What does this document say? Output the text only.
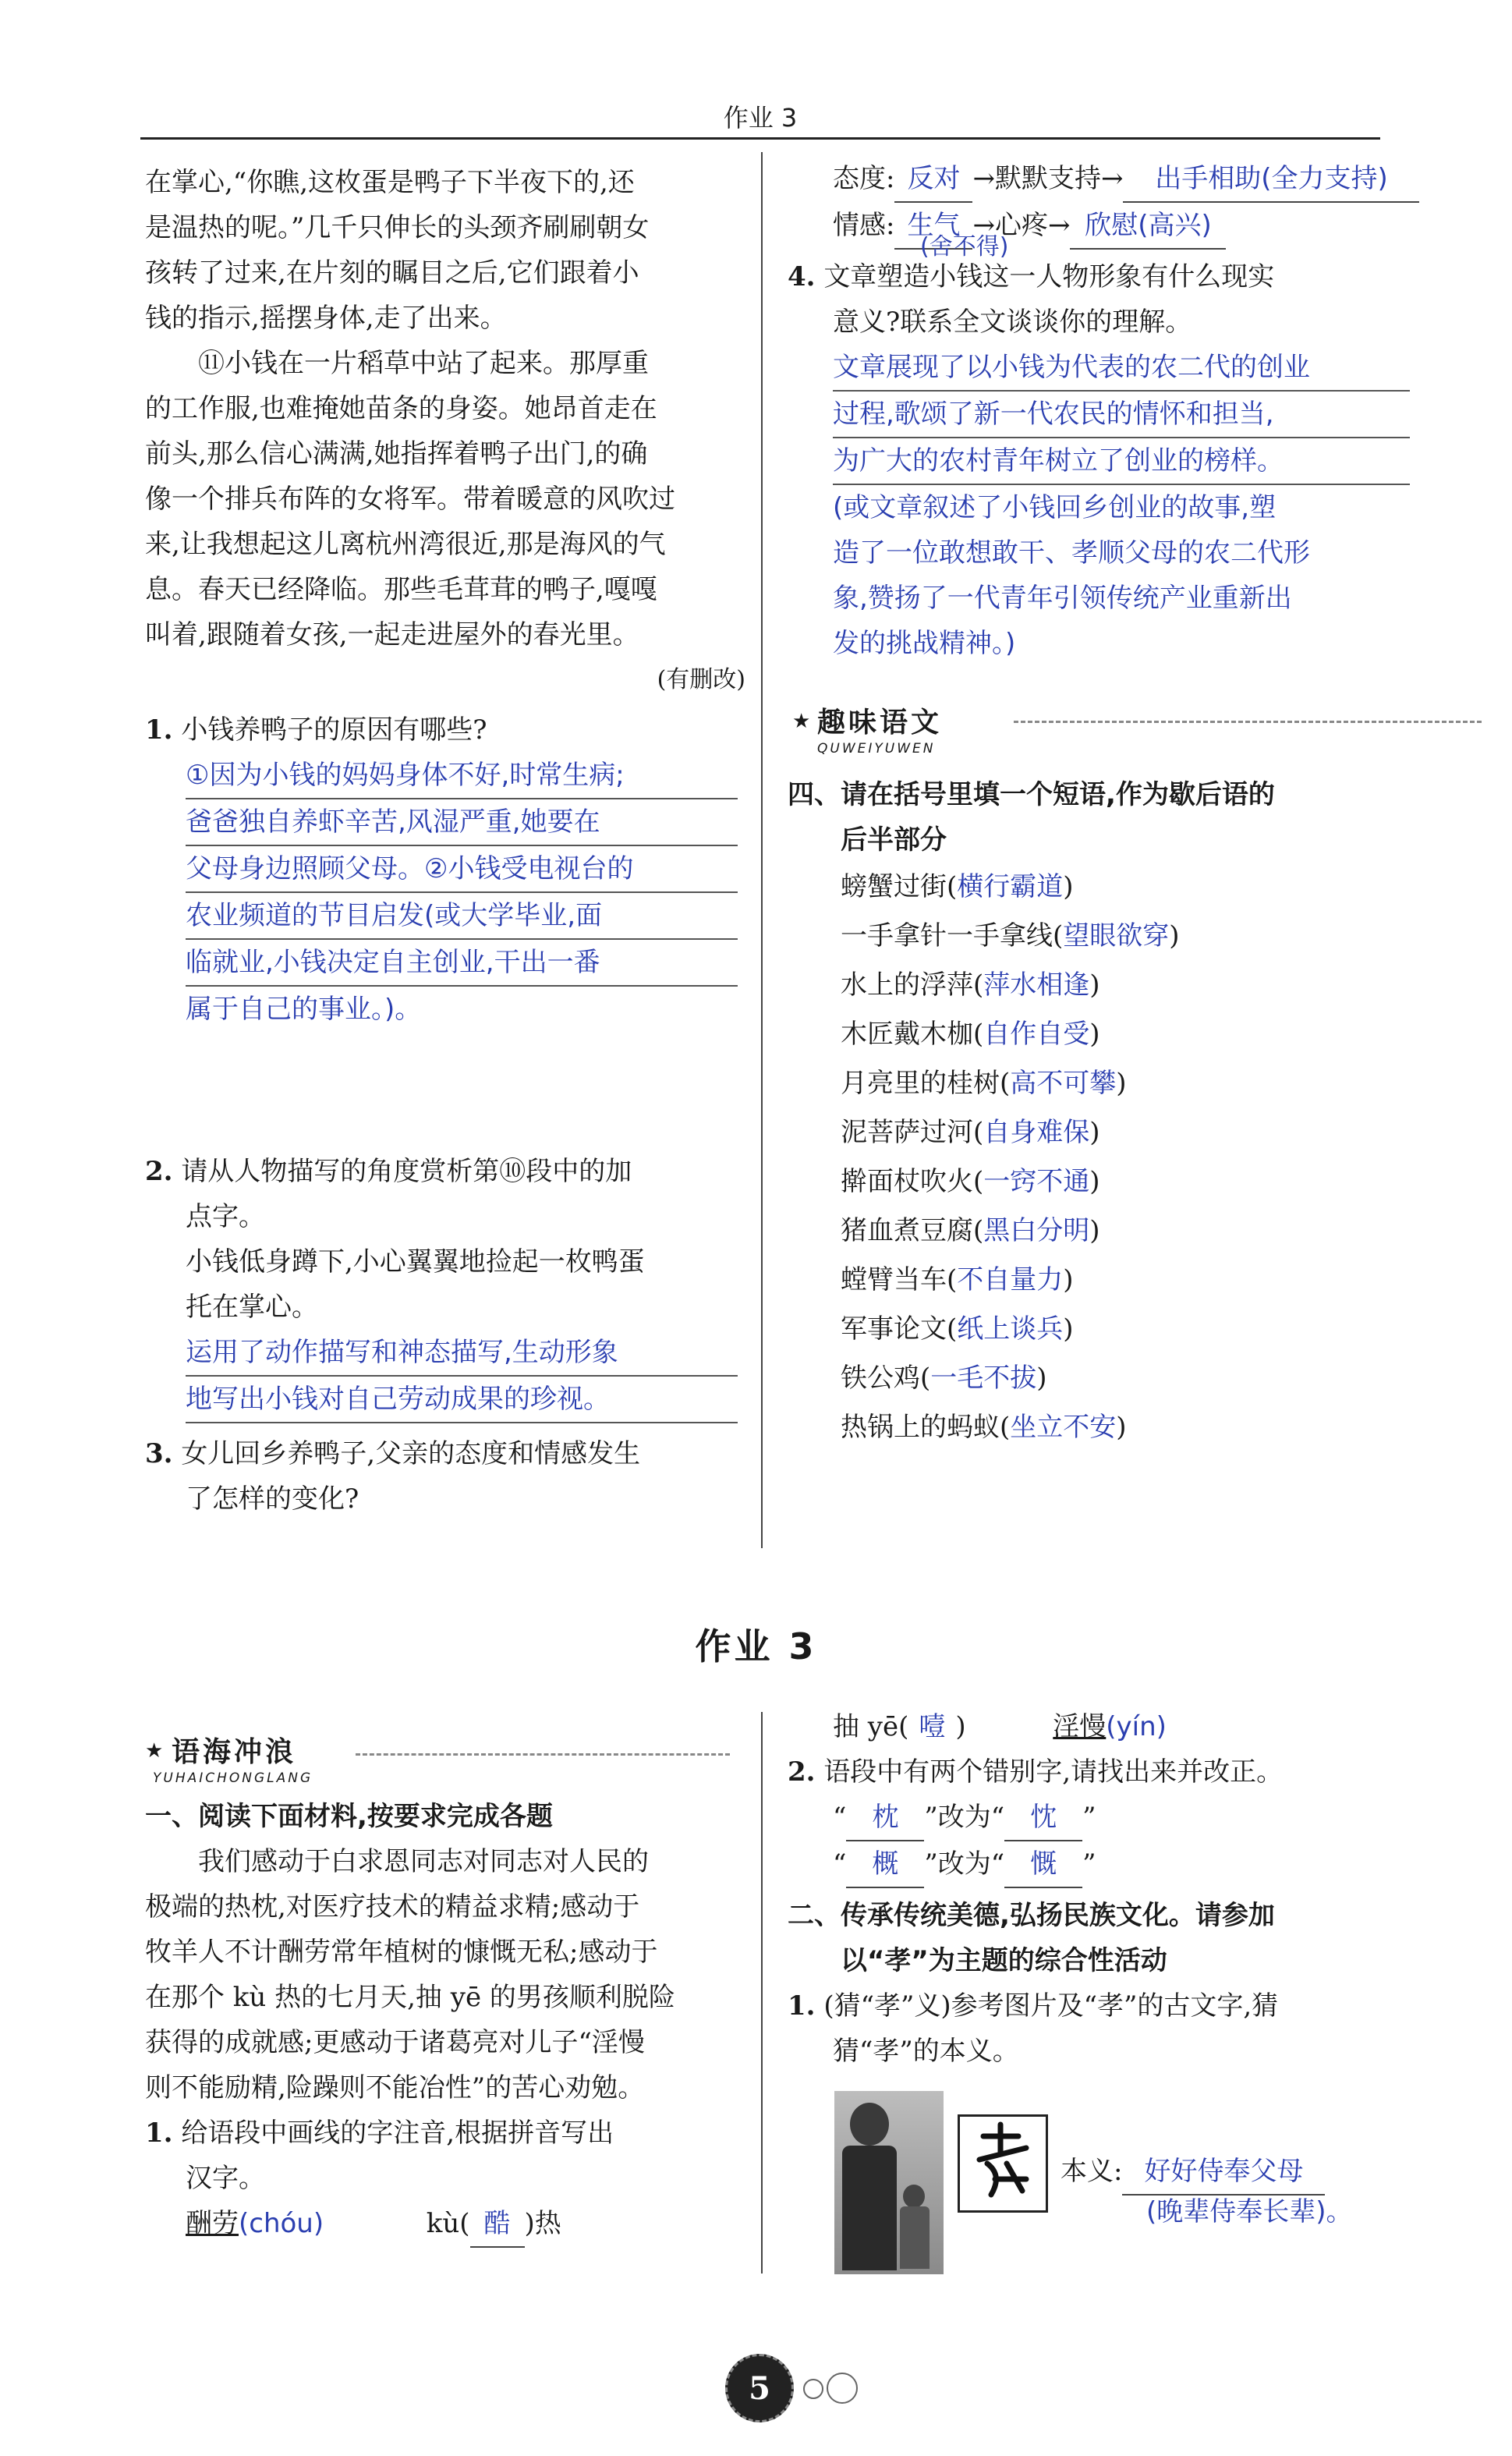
作业 3
在掌心,“你瞧,这枚蛋是鸭子下半夜下的,还
是温热的呢。”几千只伸长的头颈齐刷刷朝女
孩转了过来,在片刻的瞩目之后,它们跟着小
钱的指示,摇摆身体,走了出来。
⑪小钱在一片稻草中站了起来。那厚重
的工作服,也难掩她苗条的身姿。她昂首走在
前头,那么信心满满,她指挥着鸭子出门,的确
像一个排兵布阵的女将军。带着暖意的风吹过
来,让我想起这儿离杭州湾很近,那是海风的气
息。春天已经降临。那些毛茸茸的鸭子,嘎嘎
叫着,跟随着女孩,一起走进屋外的春光里。
(有删改)
1. 小钱养鸭子的原因有哪些?
①因为小钱的妈妈身体不好,时常生病;
爸爸独自养虾辛苦,风湿严重,她要在
父母身边照顾父母。②小钱受电视台的
农业频道的节目启发(或大学毕业,面
临就业,小钱决定自主创业,干出一番
属于自己的事业。)。
2. 请从人物描写的角度赏析第⑩段中的加
点字。
小钱低身蹲下,小心翼翼地捡起一枚鸭蛋
托在掌心。
运用了动作描写和神态描写,生动形象
地写出小钱对自己劳动成果的珍视。
3. 女儿回乡养鸭子,父亲的态度和情感发生
了怎样的变化?
态度: 反对 →默默支持→ 出手相助(全力支持)
情感: 生气 →心疼→ 欣慰(高兴)
(舍不得)
4. 文章塑造小钱这一人物形象有什么现实
意义?联系全文谈谈你的理解。
文章展现了以小钱为代表的农二代的创业
过程,歌颂了新一代农民的情怀和担当,
为广大的农村青年树立了创业的榜样。
(或文章叙述了小钱回乡创业的故事,塑
造了一位敢想敢干、孝顺父母的农二代形
象,赞扬了一代青年引领传统产业重新出
发的挑战精神。)
★ 趣味语文
QUWEIYUWEN
四、请在括号里填一个短语,作为歇后语的
后半部分
螃蟹过街(横行霸道)
一手拿针一手拿线(望眼欲穿)
水上的浮萍(萍水相逢)
木匠戴木枷(自作自受)
月亮里的桂树(高不可攀)
泥菩萨过河(自身难保)
擀面杖吹火(一窍不通)
猪血煮豆腐(黑白分明)
螳臂当车(不自量力)
军事论文(纸上谈兵)
铁公鸡(一毛不拔)
热锅上的蚂蚁(坐立不安)
作业 3
★ 语海冲浪
YUHAICHONGLANG
一、阅读下面材料,按要求完成各题
我们感动于白求恩同志对同志对人民的
极端的热枕,对医疗技术的精益求精;感动于
牧羊人不计酬劳常年植树的慷慨无私;感动于
在那个 kù 热的七月天,抽 yē 的男孩顺利脱险
获得的成就感;更感动于诸葛亮对儿子“淫慢
则不能励精,险躁则不能冶性”的苦心劝勉。
1. 给语段中画线的字注音,根据拼音写出
汉字。
酬劳(chóu)	kù( 酷 )热
抽 yē( 噎 )	淫慢(yín)
2. 语段中有两个错别字,请找出来并改正。
“ 枕 ”改为“ 忱 ”
“ 概 ”改为“ 慨 ”
二、传承传统美德,弘扬民族文化。请参加
以“孝”为主题的综合性活动
1. (猜“孝”义)参考图片及“孝”的古文字,猜
猜“孝”的本义。
本义: 好好侍奉父母
(晚辈侍奉长辈)。
5
